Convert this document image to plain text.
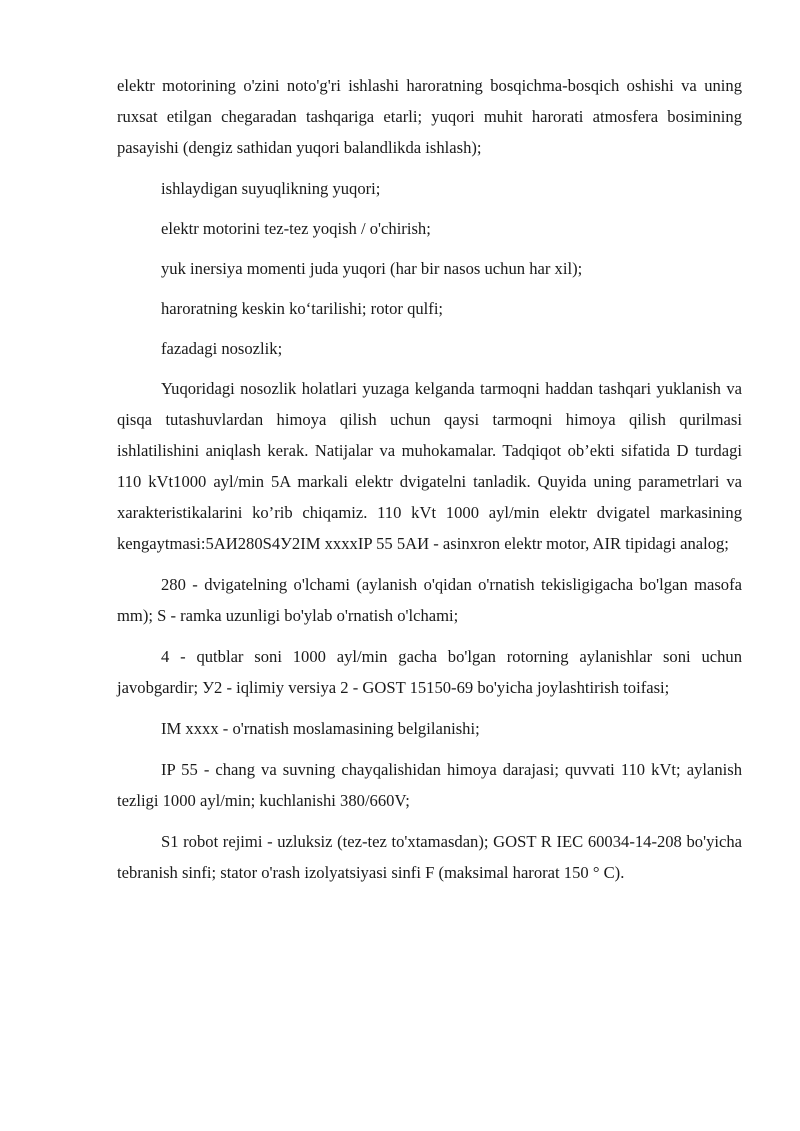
elektr motorining o'zini noto'g'ri ishlashi haroratning bosqichma-bosqich oshishi va uning ruxsat etilgan chegaradan tashqariga etarli; yuqori muhit harorati atmosfera bosimining pasayishi (dengiz sathidan yuqori balandlikda ishlash);

ishlaydigan suyuqlikning yuqori;

elektr motorini tez-tez yoqish / o'chirish;

yuk inersiya momenti juda yuqori (har bir nasos uchun har xil);

haroratning keskin ko‘tarilishi; rotor qulfi;

fazadagi nosozlik;

Yuqoridagi nosozlik holatlari yuzaga kelganda tarmoqni haddan tashqari yuklanish va qisqa tutashuvlardan himoya qilish uchun qaysi tarmoqni himoya qilish qurilmasi ishlatilishini aniqlash kerak. Natijalar va muhokamalar. Tadqiqot ob’ekti sifatida D turdagi 110 kVt1000 ayl/min 5A markali elektr dvigatelni tanladik. Quyida uning parametrlari va xarakteristikalarini ko’rib chiqamiz. 110 kVt 1000 ayl/min elektr dvigatel markasining kengaytmasi:5АИ280S4У2IM xxxxIP 55 5АИ - asinxron elektr motor, AIR tipidagi analog;

280 - dvigatelning o'lchami (aylanish o'qidan o'rnatish tekisligigacha bo'lgan masofa mm); S - ramka uzunligi bo'ylab o'rnatish o'lchami;

4 - qutblar soni 1000 ayl/min gacha bo'lgan rotorning aylanishlar soni uchun javobgardir; У2 - iqlimiy versiya 2 - GOST 15150-69 bo'yicha joylashtirish toifasi;

IM xxxx - o'rnatish moslamasining belgilanishi;

IP 55 - chang va suvning chayqalishidan himoya darajasi; quvvati 110 kVt; aylanish tezligi 1000 ayl/min; kuchlanishi 380/660V;

S1 robot rejimi - uzluksiz (tez-tez to'xtamasdan); GOST R IEC 60034-14-208 bo'yicha tebranish sinfi; stator o'rash izolyatsiyasi sinfi F (maksimal harorat 150 ° C).
